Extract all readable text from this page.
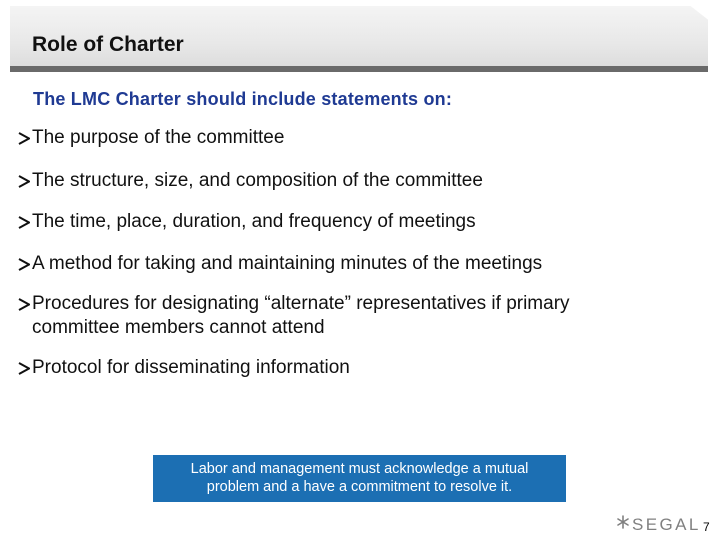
Role of Charter
The LMC Charter should include statements on:
The purpose of the committee
The structure, size, and composition of the committee
The time, place, duration, and frequency of meetings
A method for taking and maintaining minutes of the meetings
Procedures for designating “alternate” representatives if primary
committee members cannot attend
Protocol for disseminating information
Labor and management must acknowledge a mutual
problem and a have a commitment to resolve it.
SEGAL 7
